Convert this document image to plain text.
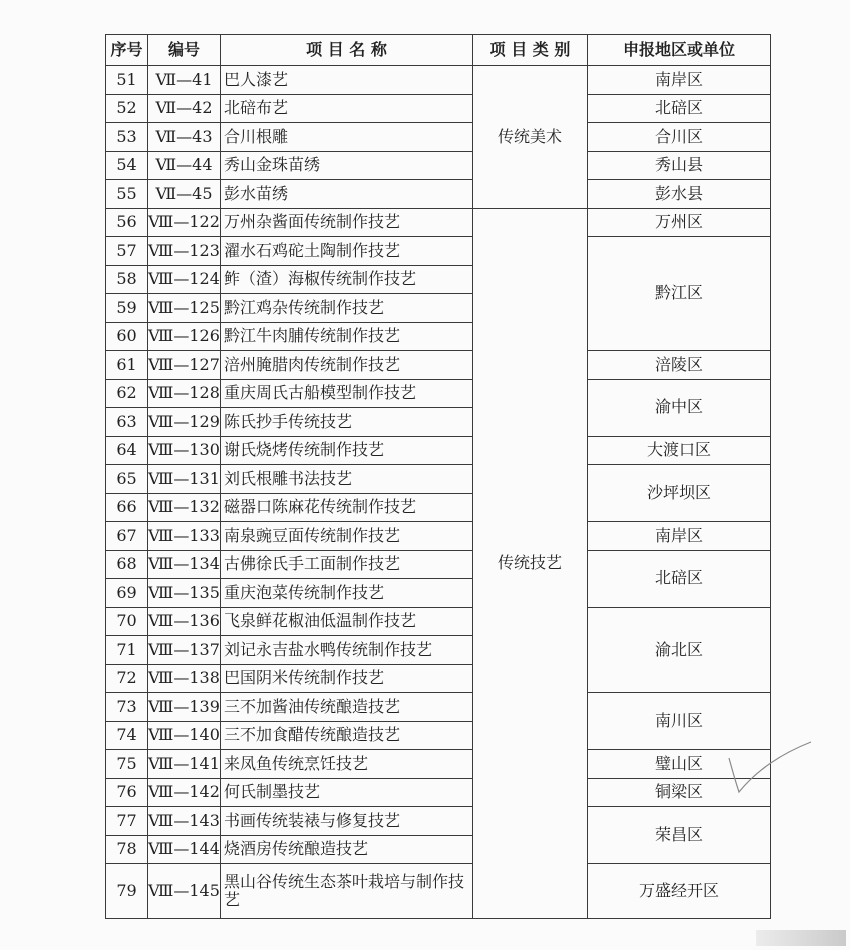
序号	编号	项 目 名 称	项 目 类 别	申报地区或单位
51	Ⅶ—41	巴人漆艺	传统美术	南岸区
52	Ⅶ—42	北碚布艺		北碚区
53	Ⅶ—43	合川根雕		合川区
54	Ⅶ—44	秀山金珠苗绣		秀山县
55	Ⅶ—45	彭水苗绣		彭水县
56	Ⅷ—122	万州杂酱面传统制作技艺	传统技艺	万州区
57	Ⅷ—123	濯水石鸡砣土陶制作技艺		黔江区
58	Ⅷ—124	鲊（渣）海椒传统制作技艺		
59	Ⅷ—125	黔江鸡杂传统制作技艺		
60	Ⅷ—126	黔江牛肉脯传统制作技艺		
61	Ⅷ—127	涪州腌腊肉传统制作技艺		涪陵区
62	Ⅷ—128	重庆周氏古船模型制作技艺		渝中区
63	Ⅷ—129	陈氏抄手传统技艺		
64	Ⅷ—130	谢氏烧烤传统制作技艺		大渡口区
65	Ⅷ—131	刘氏根雕书法技艺		沙坪坝区
66	Ⅷ—132	磁器口陈麻花传统制作技艺		
67	Ⅷ—133	南泉豌豆面传统制作技艺		南岸区
68	Ⅷ—134	古佛徐氏手工面制作技艺		北碚区
69	Ⅷ—135	重庆泡菜传统制作技艺		
70	Ⅷ—136	飞泉鲜花椒油低温制作技艺		渝北区
71	Ⅷ—137	刘记永吉盐水鸭传统制作技艺		
72	Ⅷ—138	巴国阴米传统制作技艺		
73	Ⅷ—139	三不加酱油传统酿造技艺		南川区
74	Ⅷ—140	三不加食醋传统酿造技艺		
75	Ⅷ—141	来凤鱼传统烹饪技艺		璧山区
76	Ⅷ—142	何氏制墨技艺		铜梁区
77	Ⅷ—143	书画传统装裱与修复技艺		荣昌区
78	Ⅷ—144	烧酒房传统酿造技艺		
79	Ⅷ—145	黑山谷传统生态茶叶栽培与制作技艺		万盛经开区
